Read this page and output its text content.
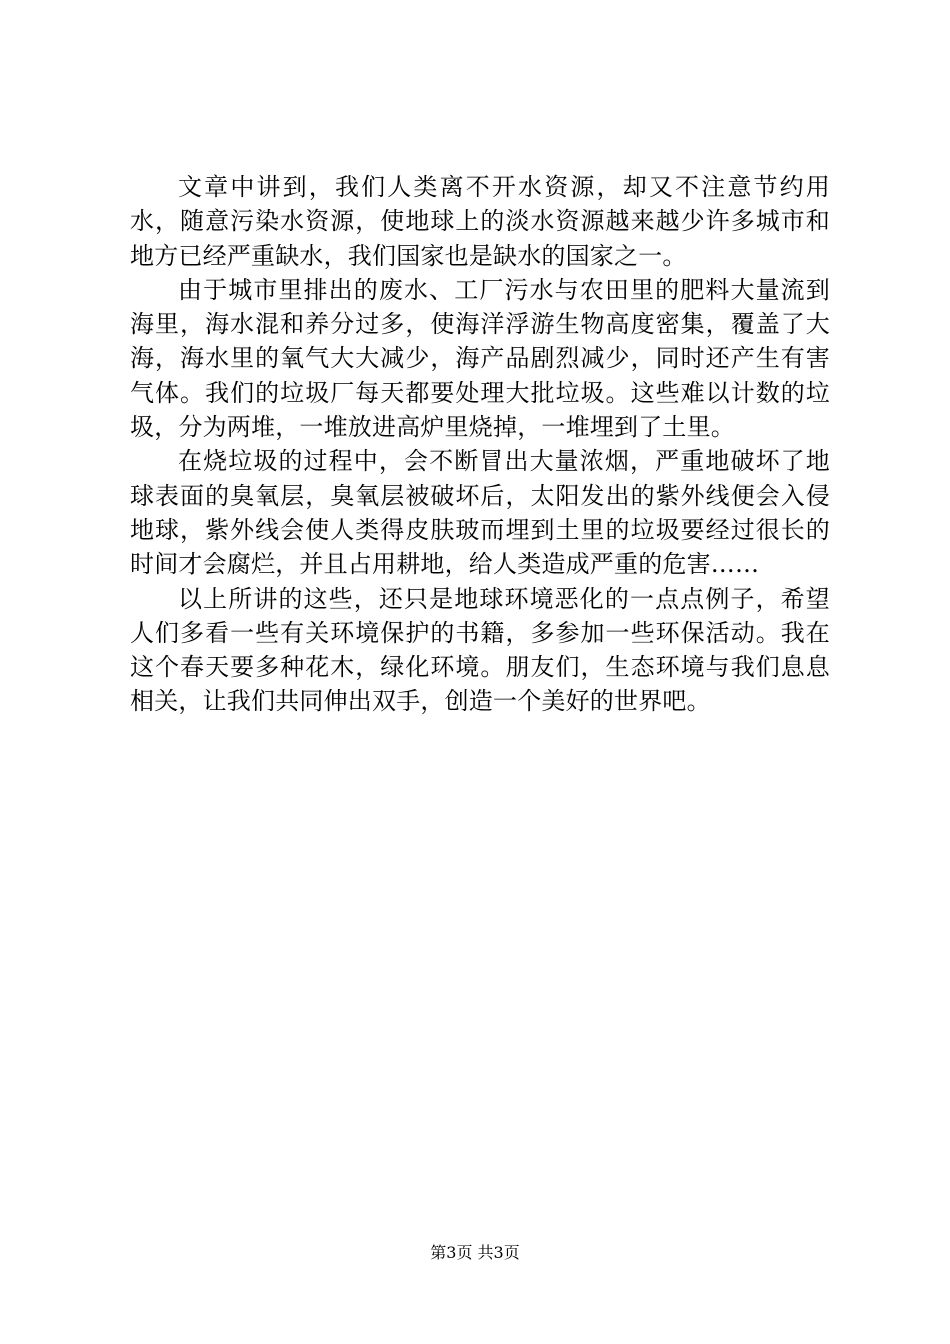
文章中讲到，我们人类离不开水资源，却又不注意节约用水，随意污染水资源，使地球上的淡水资源越来越少许多城市和地方已经严重缺水，我们国家也是缺水的国家之一。

由于城市里排出的废水、工厂污水与农田里的肥料大量流到海里，海水混和养分过多，使海洋浮游生物高度密集，覆盖了大海，海水里的氧气大大减少，海产品剧烈减少，同时还产生有害气体。我们的垃圾厂每天都要处理大批垃圾。这些难以计数的垃圾，分为两堆，一堆放进高炉里烧掉，一堆埋到了土里。

在烧垃圾的过程中，会不断冒出大量浓烟，严重地破坏了地球表面的臭氧层，臭氧层被破坏后，太阳发出的紫外线便会入侵地球，紫外线会使人类得皮肤玻而埋到土里的垃圾要经过很长的时间才会腐烂，并且占用耕地，给人类造成严重的危害……

以上所讲的这些，还只是地球环境恶化的一点点例子，希望人们多看一些有关环境保护的书籍，多参加一些环保活动。我在这个春天要多种花木，绿化环境。朋友们，生态环境与我们息息相关，让我们共同伸出双手，创造一个美好的世界吧。

第3页 共3页
